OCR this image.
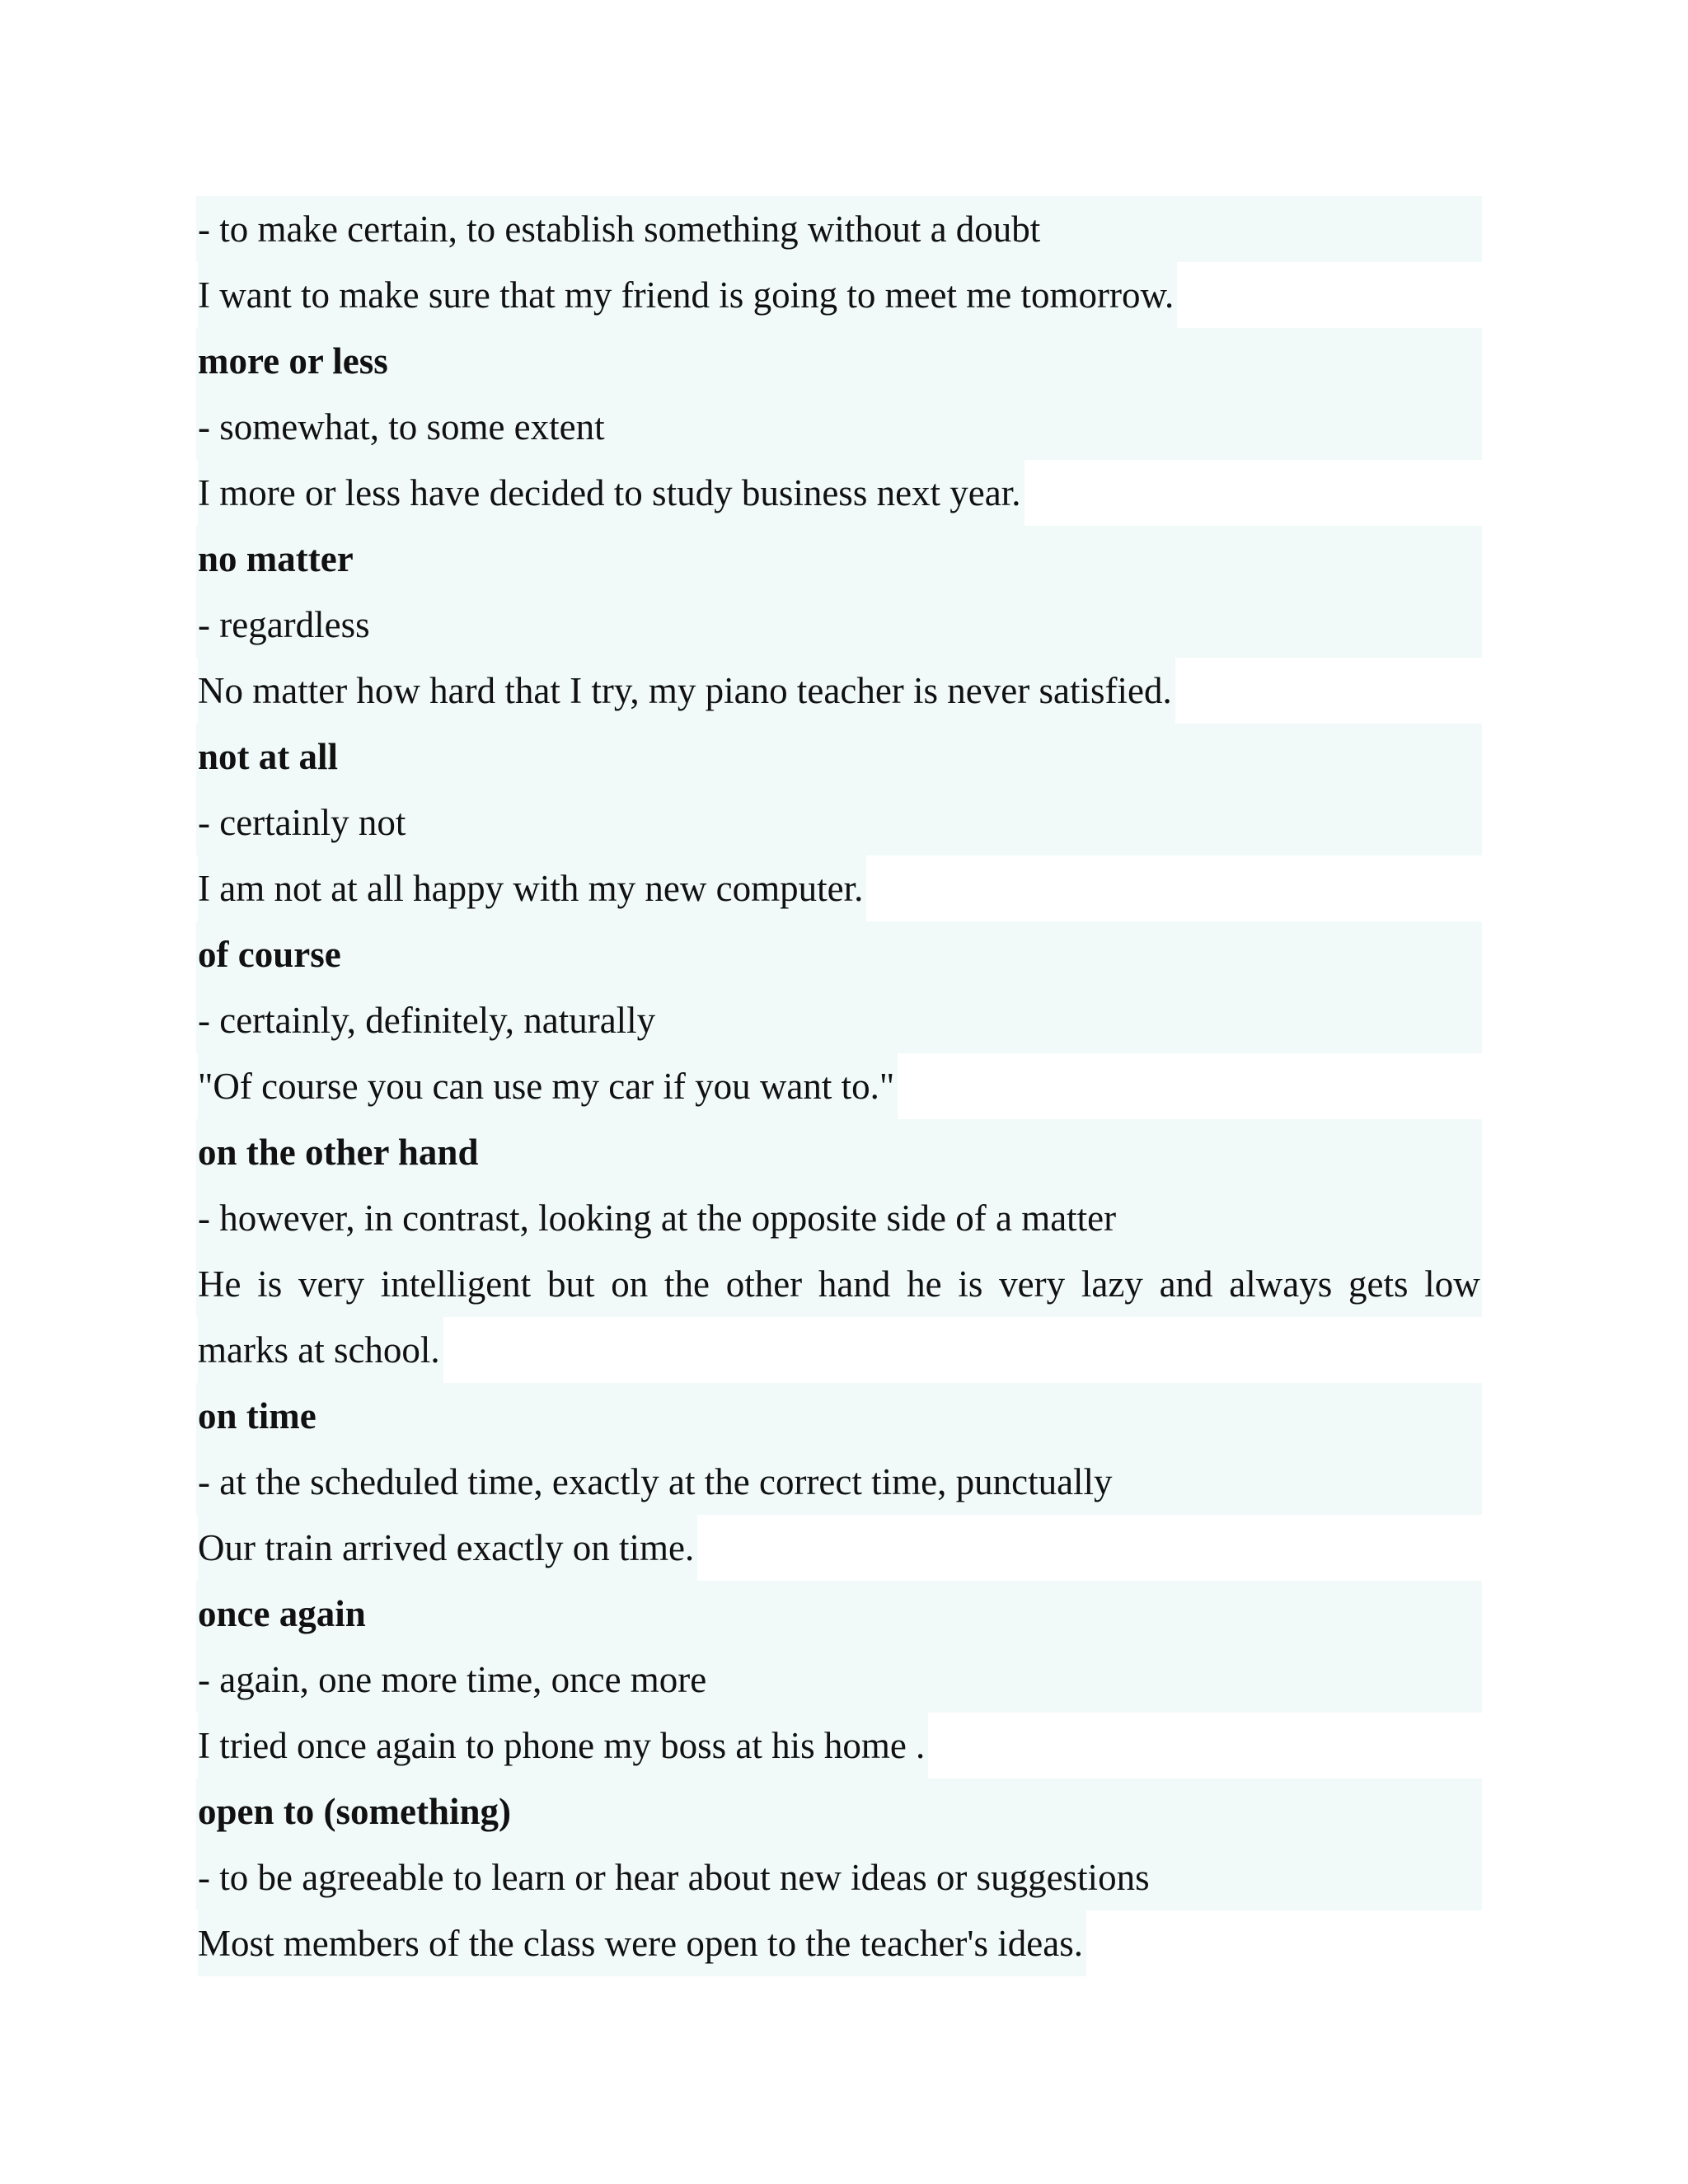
- to make certain, to establish something without a doubt
I want to make sure that my friend is going to meet me tomorrow.
more or less
- somewhat, to some extent
I more or less have decided to study business next year.
no matter
- regardless
No matter how hard that I try, my piano teacher is never satisfied.
not at all
- certainly not
I am not at all happy with my new computer.
of course
- certainly, definitely, naturally
"Of course you can use my car if you want to."
on the other hand
- however, in contrast, looking at the opposite side of a matter
He is very intelligent but on the other hand he is very lazy and always gets low
marks at school.
on time
- at the scheduled time, exactly at the correct time, punctually
Our train arrived exactly on time.
once again
- again, one more time, once more
I tried once again to phone my boss at his home .
open to (something)
- to be agreeable to learn or hear about new ideas or suggestions
Most members of the class were open to the teacher's ideas.
